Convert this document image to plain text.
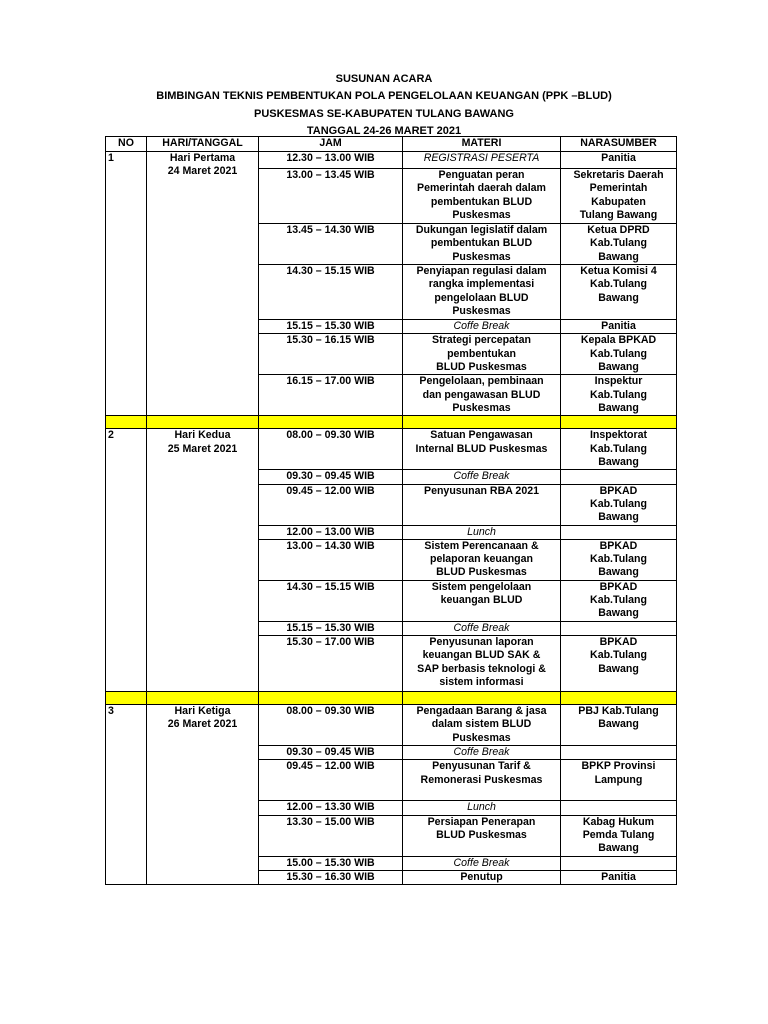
SUSUNAN ACARA
BIMBINGAN TEKNIS PEMBENTUKAN POLA PENGELOLAAN KEUANGAN (PPK –BLUD)
PUSKESMAS SE-KABUPATEN TULANG BAWANG
TANGGAL 24-26 MARET 2021
NO	HARI/TANGGAL	JAM	MATERI	NARASUMBER
1	Hari Pertama
24 Maret 2021	12.30 – 13.00 WIB	REGISTRASI PESERTA	Panitia
		13.00 – 13.45 WIB	Penguatan peran
Pemerintah daerah dalam
pembentukan BLUD
Puskesmas	Sekretaris Daerah
Pemerintah
Kabupaten
Tulang Bawang
		13.45 – 14.30 WIB	Dukungan legislatif dalam
pembentukan BLUD
Puskesmas	Ketua DPRD
Kab.Tulang
Bawang
		14.30 – 15.15 WIB	Penyiapan regulasi dalam
rangka implementasi
pengelolaan BLUD
Puskesmas	Ketua Komisi 4
Kab.Tulang
Bawang
		15.15 – 15.30 WIB	Coffe Break	Panitia
		15.30 – 16.15 WIB	Strategi percepatan
pembentukan
BLUD Puskesmas	Kepala BPKAD
Kab.Tulang
Bawang
		16.15 – 17.00 WIB	Pengelolaan, pembinaan
dan pengawasan BLUD
Puskesmas	Inspektur
Kab.Tulang
Bawang

2	Hari Kedua
25 Maret 2021	08.00 – 09.30 WIB	Satuan Pengawasan
Internal BLUD Puskesmas	Inspektorat
Kab.Tulang
Bawang
		09.30 – 09.45 WIB	Coffe Break	
		09.45 – 12.00 WIB	Penyusunan RBA 2021	BPKAD
Kab.Tulang
Bawang
		12.00 – 13.00 WIB	Lunch	
		13.00 – 14.30 WIB	Sistem Perencanaan &
pelaporan keuangan
BLUD Puskesmas	BPKAD
Kab.Tulang
Bawang
		14.30 – 15.15 WIB	Sistem pengelolaan
keuangan BLUD	BPKAD
Kab.Tulang
Bawang
		15.15 – 15.30 WIB	Coffe Break	
		15.30 – 17.00 WIB	Penyusunan laporan
keuangan BLUD SAK &
SAP berbasis teknologi &
sistem informasi	BPKAD
Kab.Tulang
Bawang

3	Hari Ketiga
26 Maret 2021	08.00 – 09.30 WIB	Pengadaan Barang & jasa
dalam sistem BLUD
Puskesmas	PBJ Kab.Tulang
Bawang
		09.30 – 09.45 WIB	Coffe Break	
		09.45 – 12.00 WIB	Penyusunan Tarif &
Remonerasi Puskesmas	BPKP Provinsi
Lampung
		12.00 – 13.30 WIB	Lunch	
		13.30 – 15.00 WIB	Persiapan Penerapan
BLUD Puskesmas	Kabag Hukum
Pemda Tulang
Bawang
		15.00 – 15.30 WIB	Coffe Break	
		15.30 – 16.30 WIB	Penutup	Panitia
